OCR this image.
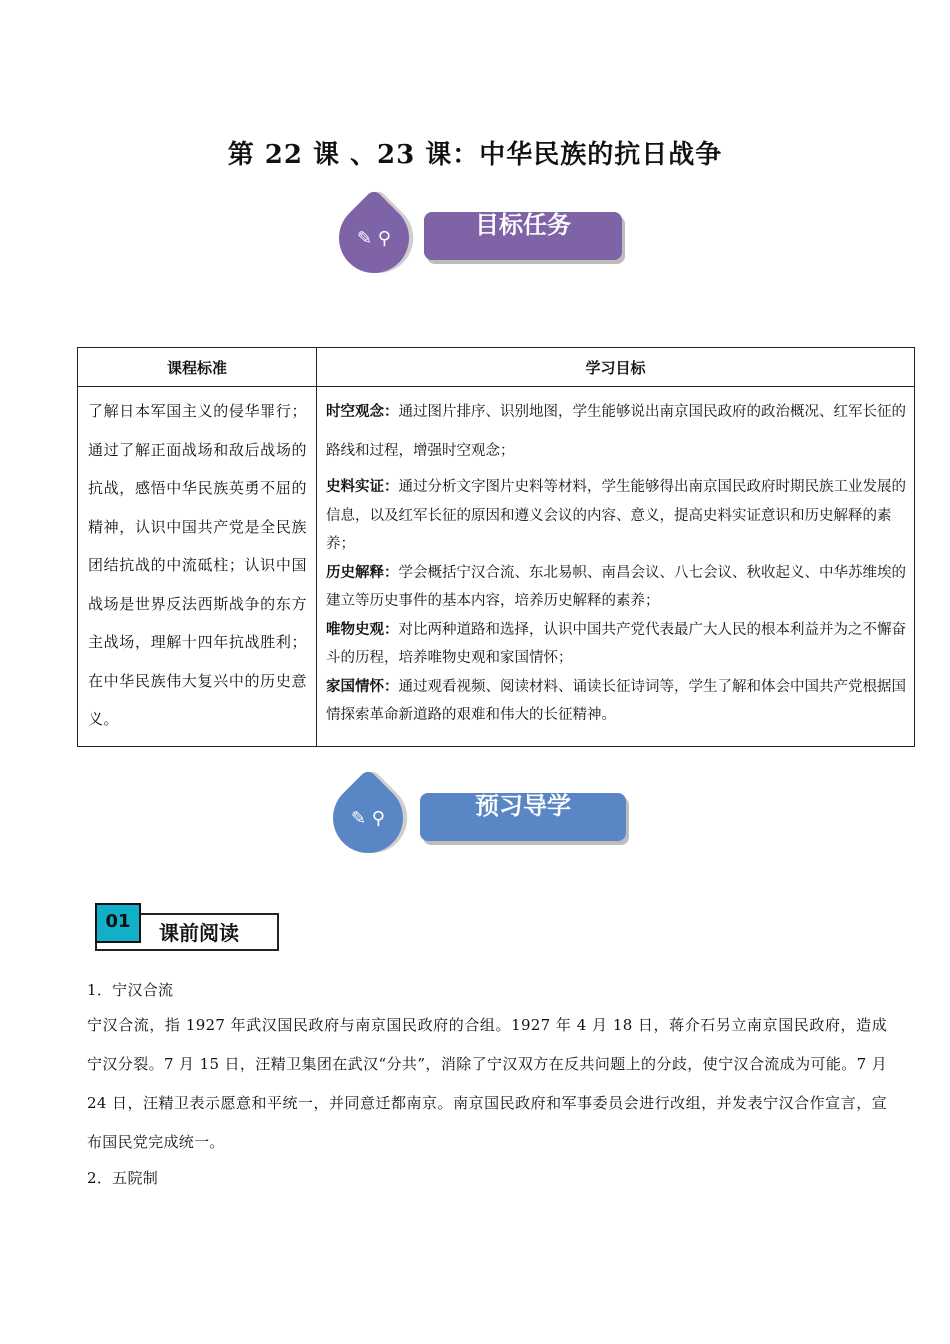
第 22 课 、23 课：中华民族的抗日战争
✎ ⚲	目标任务
课程标准	学习目标

了解日本军国主义的侵华罪行；通过了解正面战场和敌后战场的抗战，感悟中华民族英勇不屈的精神，认识中国共产党是全民族团结抗战的中流砥柱；认识中国战场是世界反法西斯战争的东方主战场，理解十四年抗战胜利；在中华民族伟大复兴中的历史意义。	时空观念：通过图片排序、识别地图，学生能够说出南京国民政府的政治概况、红军长征的路线和过程，增强时空观念；

史料实证：通过分析文字图片史料等材料，学生能够得出南京国民政府时期民族工业发展的信息，以及红军长征的原因和遵义会议的内容、意义，提高史料实证意识和历史解释的素养；

历史解释：学会概括宁汉合流、东北易帜、南昌会议、八七会议、秋收起义、中华苏维埃的建立等历史事件的基本内容，培养历史解释的素养；

唯物史观：对比两种道路和选择，认识中国共产党代表最广大人民的根本利益并为之不懈奋斗的历程，培养唯物史观和家国情怀；

家国情怀：通过观看视频、阅读材料、诵读长征诗词等，学生了解和体会中国共产党根据国情探索革命新道路的艰难和伟大的长征精神。

✎ ⚲	预习导学
01	课前阅读
1．宁汉合流
宁汉合流，指 1927 年武汉国民政府与南京国民政府的合组。1927 年 4 月 18 日，蒋介石另立南京国民政府，造成宁汉分裂。7 月 15 日，汪精卫集团在武汉“分共”，消除了宁汉双方在反共问题上的分歧，使宁汉合流成为可能。7 月 24 日，汪精卫表示愿意和平统一，并同意迁都南京。南京国民政府和军事委员会进行改组，并发表宁汉合作宣言，宣布国民党完成统一。
2．五院制
